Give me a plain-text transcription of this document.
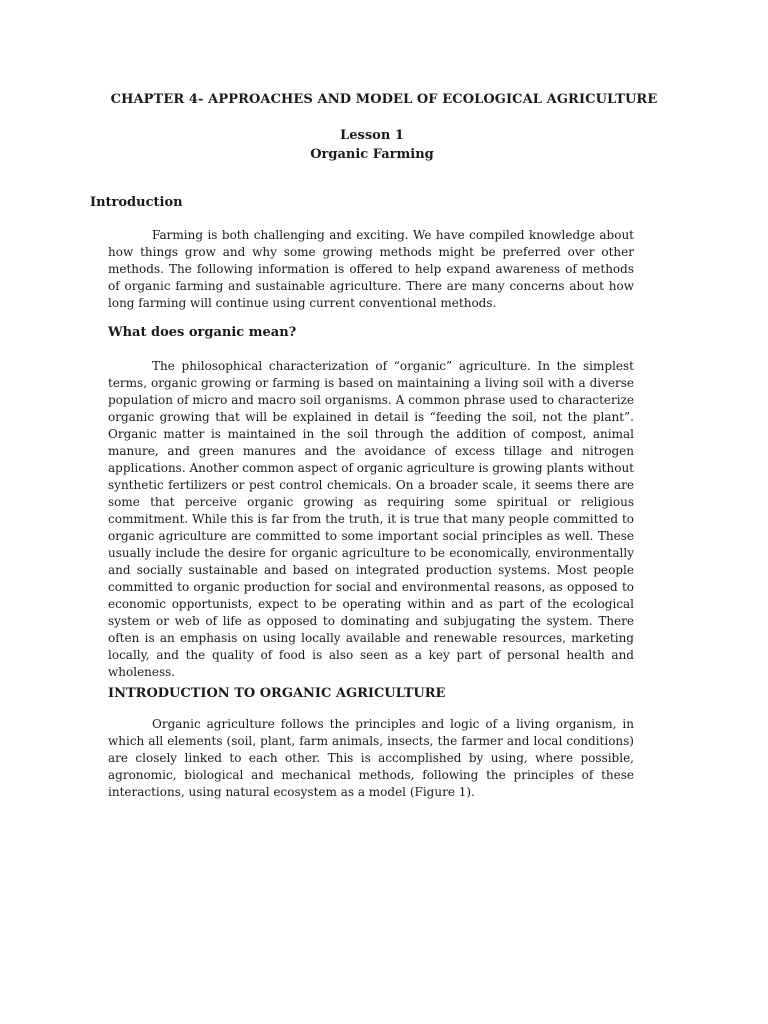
CHAPTER 4- APPROACHES AND MODEL OF ECOLOGICAL AGRICULTURE
Lesson 1
Organic Farming
Introduction

Farming is both challenging and exciting. We have compiled knowledge about how things grow and why some growing methods might be preferred over other methods. The following information is offered to help expand awareness of methods of organic farming and sustainable agriculture. There are many concerns about how long farming will continue using current conventional methods.

What does organic mean?

The philosophical characterization of “organic” agriculture. In the simplest terms, organic growing or farming is based on maintaining a living soil with a diverse population of micro and macro soil organisms. A common phrase used to characterize organic growing that will be explained in detail is “feeding the soil, not the plant”. Organic matter is maintained in the soil through the addition of compost, animal manure, and green manures and the avoidance of excess tillage and nitrogen applications. Another common aspect of organic agriculture is growing plants without synthetic fertilizers or pest control chemicals. On a broader scale, it seems there are some that perceive organic growing as requiring some spiritual or religious commitment. While this is far from the truth, it is true that many people committed to organic agriculture are committed to some important social principles as well. These usually include the desire for organic agriculture to be economically, environmentally and socially sustainable and based on integrated production systems. Most people committed to organic production for social and environmental reasons, as opposed to economic opportunists, expect to be operating within and as part of the ecological system or web of life as opposed to dominating and subjugating the system. There often is an emphasis on using locally available and renewable resources, marketing locally, and the quality of food is also seen as a key part of personal health and wholeness.

INTRODUCTION TO ORGANIC AGRICULTURE

Organic agriculture follows the principles and logic of a living organism, in which all elements (soil, plant, farm animals, insects, the farmer and local conditions) are closely linked to each other. This is accomplished by using, where possible, agronomic, biological and mechanical methods, following the principles of these interactions, using natural ecosystem as a model (Figure 1).
